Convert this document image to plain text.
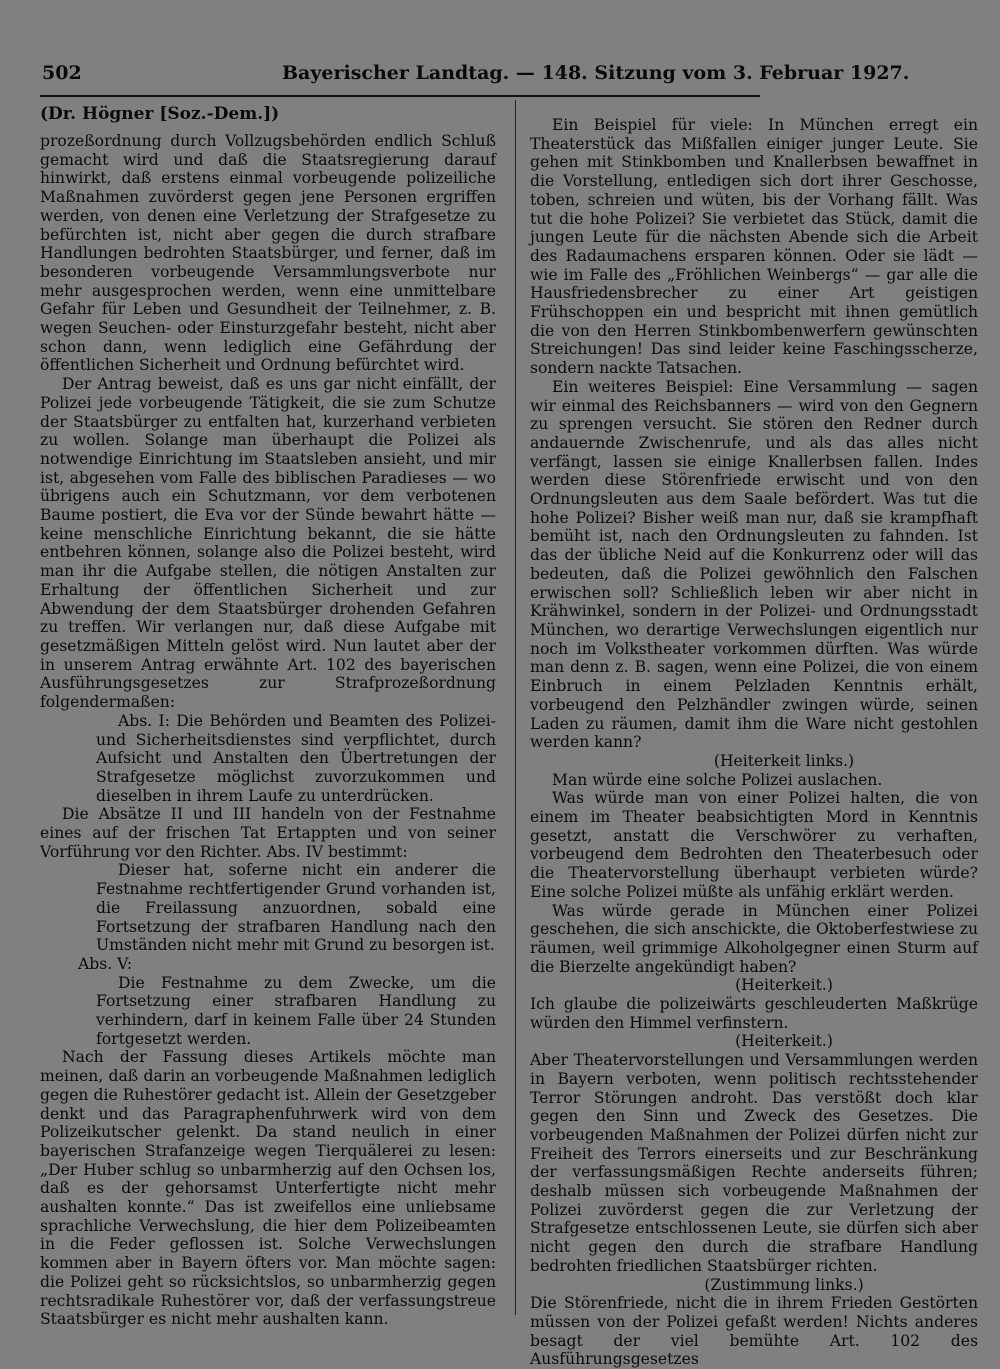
502	Bayerischer Landtag. — 148. Sitzung vom 3. Februar 1927.
(Dr. Högner [Soz.-Dem.])

prozeßordnung durch Vollzugsbehörden endlich Schluß gemacht wird und daß die Staatsregierung darauf hinwirkt, daß erstens einmal vorbeugende polizeiliche Maßnahmen zuvörderst gegen jene Personen ergriffen werden, von denen eine Verletzung der Strafgesetze zu befürchten ist, nicht aber gegen die durch strafbare Handlungen bedrohten Staatsbürger, und ferner, daß im besonderen vorbeugende Versammlungsverbote nur mehr ausgesprochen werden, wenn eine unmittelbare Gefahr für Leben und Gesundheit der Teilnehmer, z. B. wegen Seuchen- oder Einsturzgefahr besteht, nicht aber schon dann, wenn lediglich eine Gefährdung der öffentlichen Sicherheit und Ordnung befürchtet wird.

Der Antrag beweist, daß es uns gar nicht einfällt, der Polizei jede vorbeugende Tätigkeit, die sie zum Schutze der Staatsbürger zu entfalten hat, kurzerhand verbieten zu wollen. Solange man überhaupt die Polizei als notwendige Einrichtung im Staatsleben ansieht, und mir ist, abgesehen vom Falle des biblischen Paradieses — wo übrigens auch ein Schutzmann, vor dem verbotenen Baume postiert, die Eva vor der Sünde bewahrt hätte — keine menschliche Einrichtung bekannt, die sie hätte entbehren können, solange also die Polizei besteht, wird man ihr die Aufgabe stellen, die nötigen Anstalten zur Erhaltung der öffentlichen Sicherheit und zur Abwendung der dem Staatsbürger drohenden Gefahren zu treffen. Wir verlangen nur, daß diese Aufgabe mit gesetzmäßigen Mitteln gelöst wird. Nun lautet aber der in unserem Antrag erwähnte Art. 102 des bayerischen Ausführungsgesetzes zur Strafprozeßordnung folgendermaßen:

Abs. I: Die Behörden und Beamten des Polizei- und Sicherheitsdienstes sind verpflichtet, durch Aufsicht und Anstalten den Übertretungen der Strafgesetze möglichst zuvorzukommen und dieselben in ihrem Laufe zu unterdrücken.

Die Absätze II und III handeln von der Festnahme eines auf der frischen Tat Ertappten und von seiner Vorführung vor den Richter. Abs. IV bestimmt:

Dieser hat, soferne nicht ein anderer die Festnahme rechtfertigender Grund vorhanden ist, die Freilassung anzuordnen, sobald eine Fortsetzung der strafbaren Handlung nach den Umständen nicht mehr mit Grund zu besorgen ist.

Abs. V:

Die Festnahme zu dem Zwecke, um die Fortsetzung einer strafbaren Handlung zu verhindern, darf in keinem Falle über 24 Stunden fortgesetzt werden.

Nach der Fassung dieses Artikels möchte man meinen, daß darin an vorbeugende Maßnahmen lediglich gegen die Ruhestörer gedacht ist. Allein der Gesetzgeber denkt und das Paragraphenfuhrwerk wird von dem Polizeikutscher gelenkt. Da stand neulich in einer bayerischen Strafanzeige wegen Tierquälerei zu lesen: „Der Huber schlug so unbarmherzig auf den Ochsen los, daß es der gehorsamst Unterfertigte nicht mehr aushalten konnte.“ Das ist zweifellos eine unliebsame sprachliche Verwechslung, die hier dem Polizeibeamten in die Feder geflossen ist. Solche Verwechslungen kommen aber in Bayern öfters vor. Man möchte sagen: die Polizei geht so rücksichtslos, so unbarmherzig gegen rechtsradikale Ruhestörer vor, daß der verfassungstreue Staatsbürger es nicht mehr aushalten kann.

Ein Beispiel für viele: In München erregt ein Theaterstück das Mißfallen einiger junger Leute. Sie gehen mit Stinkbomben und Knallerbsen bewaffnet in die Vorstellung, entledigen sich dort ihrer Geschosse, toben, schreien und wüten, bis der Vorhang fällt. Was tut die hohe Polizei? Sie verbietet das Stück, damit die jungen Leute für die nächsten Abende sich die Arbeit des Radaumachens ersparen können. Oder sie lädt — wie im Falle des „Fröhlichen Weinbergs“ — gar alle die Hausfriedensbrecher zu einer Art geistigen Frühschoppen ein und bespricht mit ihnen gemütlich die von den Herren Stinkbombenwerfern gewünschten Streichungen! Das sind leider keine Faschingsscherze, sondern nackte Tatsachen.

Ein weiteres Beispiel: Eine Versammlung — sagen wir einmal des Reichsbanners — wird von den Gegnern zu sprengen versucht. Sie stören den Redner durch andauernde Zwischenrufe, und als das alles nicht verfängt, lassen sie einige Knallerbsen fallen. Indes werden diese Störenfriede erwischt und von den Ordnungsleuten aus dem Saale befördert. Was tut die hohe Polizei? Bisher weiß man nur, daß sie krampfhaft bemüht ist, nach den Ordnungsleuten zu fahnden. Ist das der übliche Neid auf die Konkurrenz oder will das bedeuten, daß die Polizei gewöhnlich den Falschen erwischen soll? Schließlich leben wir aber nicht in Krähwinkel, sondern in der Polizei- und Ordnungsstadt München, wo derartige Verwechslungen eigentlich nur noch im Volkstheater vorkommen dürften. Was würde man denn z. B. sagen, wenn eine Polizei, die von einem Einbruch in einem Pelzladen Kenntnis erhält, vorbeugend den Pelzhändler zwingen würde, seinen Laden zu räumen, damit ihm die Ware nicht gestohlen werden kann?

(Heiterkeit links.)

Man würde eine solche Polizei auslachen.

Was würde man von einer Polizei halten, die von einem im Theater beabsichtigten Mord in Kenntnis gesetzt, anstatt die Verschwörer zu verhaften, vorbeugend dem Bedrohten den Theaterbesuch oder die Theatervorstellung überhaupt verbieten würde? Eine solche Polizei müßte als unfähig erklärt werden.

Was würde gerade in München einer Polizei geschehen, die sich anschickte, die Oktoberfestwiese zu räumen, weil grimmige Alkoholgegner einen Sturm auf die Bierzelte angekündigt haben?

(Heiterkeit.)

Ich glaube die polizeiwärts geschleuderten Maßkrüge würden den Himmel verfinstern.

(Heiterkeit.)

Aber Theatervorstellungen und Versammlungen werden in Bayern verboten, wenn politisch rechtsstehender Terror Störungen androht. Das verstößt doch klar gegen den Sinn und Zweck des Gesetzes. Die vorbeugenden Maßnahmen der Polizei dürfen nicht zur Freiheit des Terrors einerseits und zur Beschränkung der verfassungsmäßigen Rechte anderseits führen; deshalb müssen sich vorbeugende Maßnahmen der Polizei zuvörderst gegen die zur Verletzung der Strafgesetze entschlossenen Leute, sie dürfen sich aber nicht gegen den durch die strafbare Handlung bedrohten friedlichen Staatsbürger richten.

(Zustimmung links.)

Die Störenfriede, nicht die in ihrem Frieden Gestörten müssen von der Polizei gefaßt werden! Nichts anderes besagt der viel bemühte Art. 102 des Ausführungsgesetzes
